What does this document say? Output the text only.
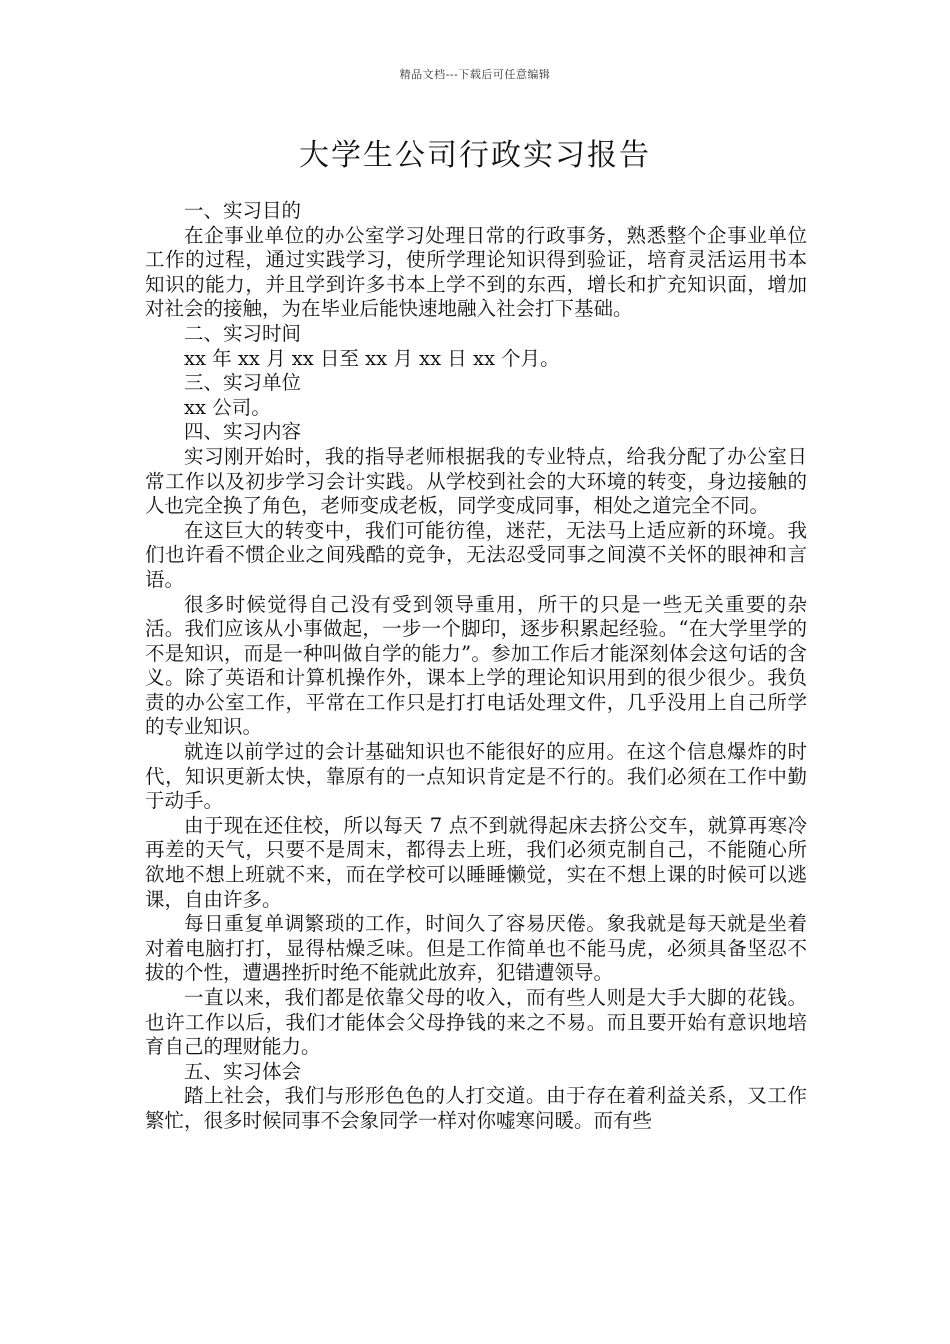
精品文档---下载后可任意编辑
大学生公司行政实习报告

一、实习目的

在企事业单位的办公室学习处理日常的行政事务，熟悉整个企事业单位工作的过程，通过实践学习，使所学理论知识得到验证，培育灵活运用书本知识的能力，并且学到许多书本上学不到的东西，增长和扩充知识面，增加对社会的接触，为在毕业后能快速地融入社会打下基础。

二、实习时间

xx 年 xx 月 xx 日至 xx 月 xx 日 xx 个月。

三、实习单位

xx 公司。

四、实习内容

实习刚开始时，我的指导老师根据我的专业特点，给我分配了办公室日常工作以及初步学习会计实践。从学校到社会的大环境的转变，身边接触的人也完全换了角色，老师变成老板，同学变成同事，相处之道完全不同。

在这巨大的转变中，我们可能彷徨，迷茫，无法马上适应新的环境。我们也许看不惯企业之间残酷的竞争，无法忍受同事之间漠不关怀的眼神和言语。

很多时候觉得自己没有受到领导重用，所干的只是一些无关重要的杂活。我们应该从小事做起，一步一个脚印，逐步积累起经验。“在大学里学的不是知识，而是一种叫做自学的能力”。参加工作后才能深刻体会这句话的含义。除了英语和计算机操作外，课本上学的理论知识用到的很少很少。我负责的办公室工作，平常在工作只是打打电话处理文件，几乎没用上自己所学的专业知识。

就连以前学过的会计基础知识也不能很好的应用。在这个信息爆炸的时代，知识更新太快，靠原有的一点知识肯定是不行的。我们必须在工作中勤于动手。

由于现在还住校，所以每天 7 点不到就得起床去挤公交车，就算再寒冷再差的天气，只要不是周末，都得去上班，我们必须克制自己，不能随心所欲地不想上班就不来，而在学校可以睡睡懒觉，实在不想上课的时候可以逃课，自由许多。

每日重复单调繁琐的工作，时间久了容易厌倦。象我就是每天就是坐着对着电脑打打，显得枯燥乏味。但是工作简单也不能马虎，必须具备坚忍不拔的个性，遭遇挫折时绝不能就此放弃，犯错遭领导。

一直以来，我们都是依靠父母的收入，而有些人则是大手大脚的花钱。也许工作以后，我们才能体会父母挣钱的来之不易。而且要开始有意识地培育自己的理财能力。

五、实习体会

踏上社会，我们与形形色色的人打交道。由于存在着利益关系，又工作繁忙，很多时候同事不会象同学一样对你嘘寒问暖。而有些
